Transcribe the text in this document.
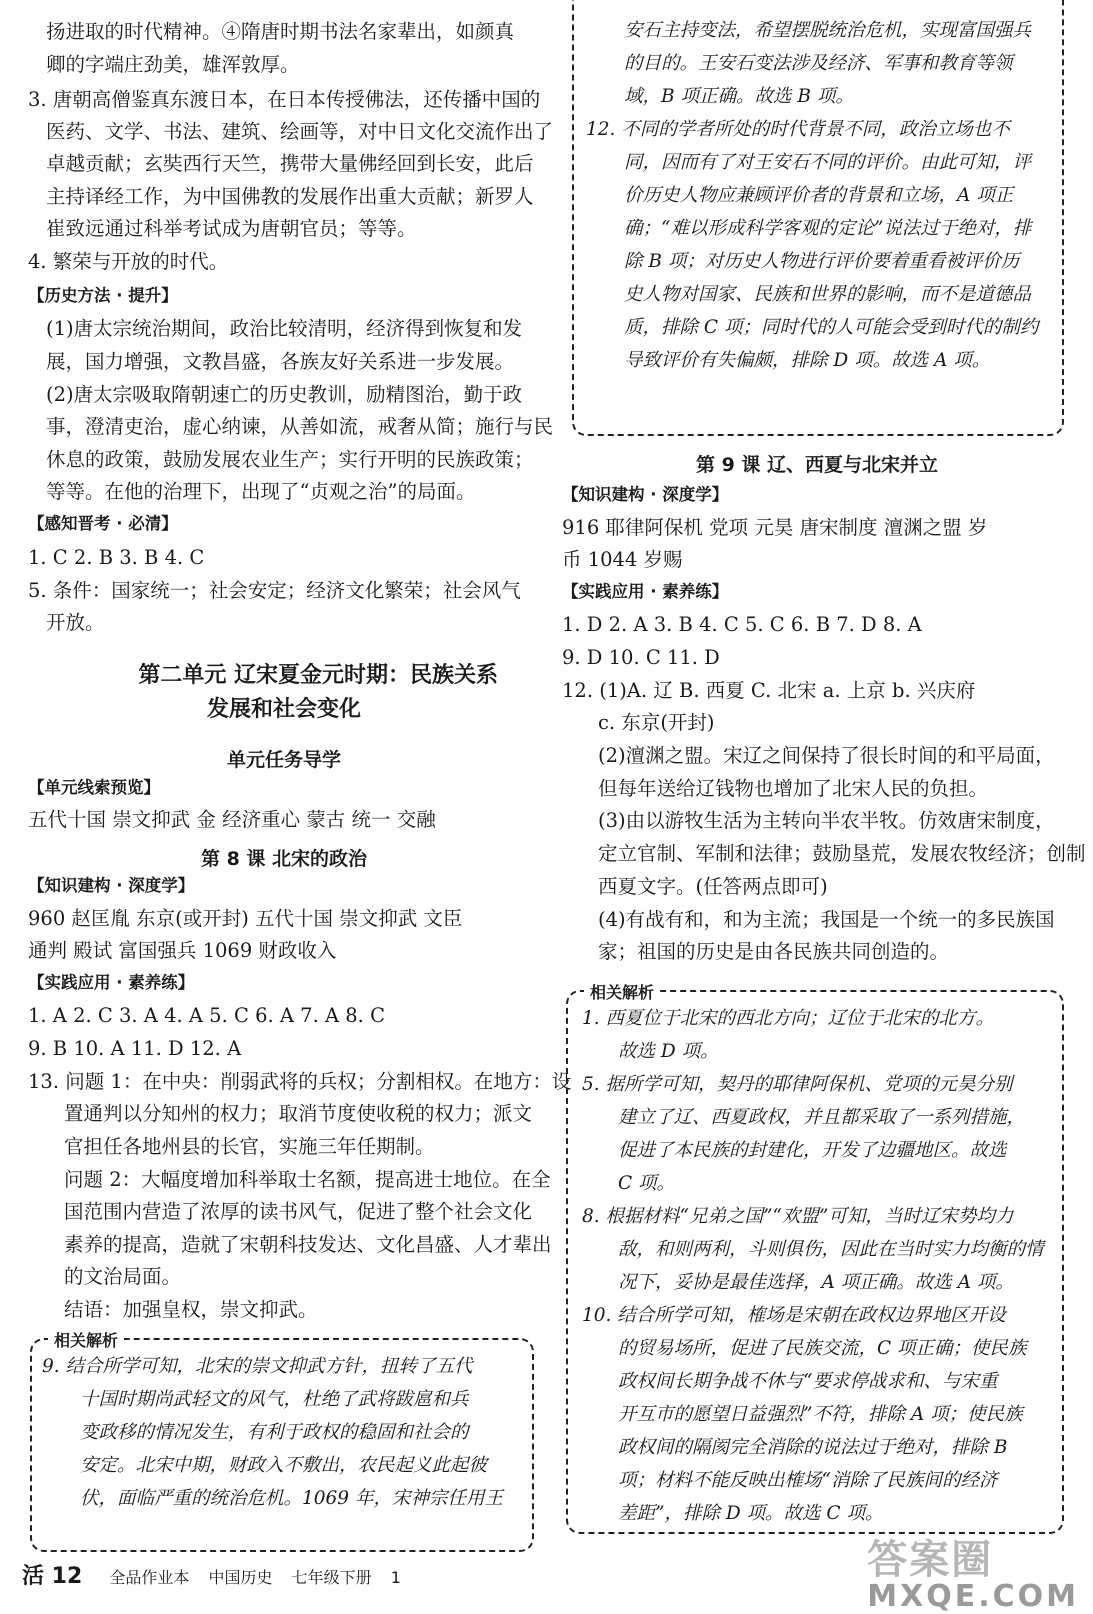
扬进取的时代精神。④隋唐时期书法名家辈出，如颜真
卿的字端庄劲美，雄浑敦厚。
3. 唐朝高僧鉴真东渡日本，在日本传授佛法，还传播中国的
医药、文学、书法、建筑、绘画等，对中日文化交流作出了
卓越贡献；玄奘西行天竺，携带大量佛经回到长安，此后
主持译经工作，为中国佛教的发展作出重大贡献；新罗人
崔致远通过科举考试成为唐朝官员；等等。
4. 繁荣与开放的时代。
【历史方法 · 提升】
(1)唐太宗统治期间，政治比较清明，经济得到恢复和发
展，国力增强，文教昌盛，各族友好关系进一步发展。
(2)唐太宗吸取隋朝速亡的历史教训，励精图治，勤于政
事，澄清吏治，虚心纳谏，从善如流，戒奢从简；施行与民
休息的政策，鼓励发展农业生产；实行开明的民族政策；
等等。在他的治理下，出现了“贞观之治”的局面。
【感知晋考 · 必清】
1. C 2. B 3. B 4. C
5. 条件：国家统一；社会安定；经济文化繁荣；社会风气
开放。
第二单元 辽宋夏金元时期：民族关系
发展和社会变化
单元任务导学
【单元线索预览】
五代十国 崇文抑武 金 经济重心 蒙古 统一 交融
第 8 课 北宋的政治
【知识建构 · 深度学】
960 赵匡胤 东京(或开封) 五代十国 崇文抑武 文臣
通判 殿试 富国强兵 1069 财政收入
【实践应用 · 素养练】
1. A 2. C 3. A 4. A 5. C 6. A 7. A 8. C
9. B 10. A 11. D 12. A
13. 问题 1：在中央：削弱武将的兵权；分割相权。在地方：设
置通判以分知州的权力；取消节度使收税的权力；派文
官担任各地州县的长官，实施三年任期制。
问题 2：大幅度增加科举取士名额，提高进士地位。在全
国范围内营造了浓厚的读书风气，促进了整个社会文化
素养的提高，造就了宋朝科技发达、文化昌盛、人才辈出
的文治局面。
结语：加强皇权，崇文抑武。
相关解析
9. 结合所学可知，北宋的崇文抑武方针，扭转了五代
十国时期尚武轻文的风气，杜绝了武将跋扈和兵
变政移的情况发生，有利于政权的稳固和社会的
安定。北宋中期，财政入不敷出，农民起义此起彼
伏，面临严重的统治危机。1069 年，宋神宗任用王
安石主持变法，希望摆脱统治危机，实现富国强兵
的目的。王安石变法涉及经济、军事和教育等领
域，B 项正确。故选 B 项。
12. 不同的学者所处的时代背景不同，政治立场也不
同，因而有了对王安石不同的评价。由此可知，评
价历史人物应兼顾评价者的背景和立场，A 项正
确；“难以形成科学客观的定论”说法过于绝对，排
除 B 项；对历史人物进行评价要着重看被评价历
史人物对国家、民族和世界的影响，而不是道德品
质，排除 C 项；同时代的人可能会受到时代的制约
导致评价有失偏颇，排除 D 项。故选 A 项。
第 9 课 辽、西夏与北宋并立
【知识建构 · 深度学】
916 耶律阿保机 党项 元昊 唐宋制度 澶渊之盟 岁
币 1044 岁赐
【实践应用 · 素养练】
1. D 2. A 3. B 4. C 5. C 6. B 7. D 8. A
9. D 10. C 11. D
12. (1)A. 辽 B. 西夏 C. 北宋 a. 上京 b. 兴庆府
c. 东京(开封)
(2)澶渊之盟。宋辽之间保持了很长时间的和平局面，
但每年送给辽钱物也增加了北宋人民的负担。
(3)由以游牧生活为主转向半农半牧。仿效唐宋制度，
定立官制、军制和法律；鼓励垦荒，发展农牧经济；创制
西夏文字。(任答两点即可)
(4)有战有和，和为主流；我国是一个统一的多民族国
家；祖国的历史是由各民族共同创造的。
相关解析
1. 西夏位于北宋的西北方向；辽位于北宋的北方。
故选 D 项。
5. 据所学可知，契丹的耶律阿保机、党项的元昊分别
建立了辽、西夏政权，并且都采取了一系列措施，
促进了本民族的封建化，开发了边疆地区。故选
C 项。
8. 根据材料“兄弟之国”“欢盟”可知，当时辽宋势均力
敌，和则两利，斗则俱伤，因此在当时实力均衡的情
况下，妥协是最佳选择，A 项正确。故选 A 项。
10. 结合所学可知，榷场是宋朝在政权边界地区开设
的贸易场所，促进了民族交流，C 项正确；使民族
政权间长期争战不休与“要求停战求和、与宋重
开互市的愿望日益强烈”不符，排除 A 项；使民族
政权间的隔阂完全消除的说法过于绝对，排除 B
项；材料不能反映出榷场“消除了民族间的经济
差距”，排除 D 项。故选 C 项。
活 12 全品作业本 中国历史 七年级下册 1	答案圈
MXQE.COM
